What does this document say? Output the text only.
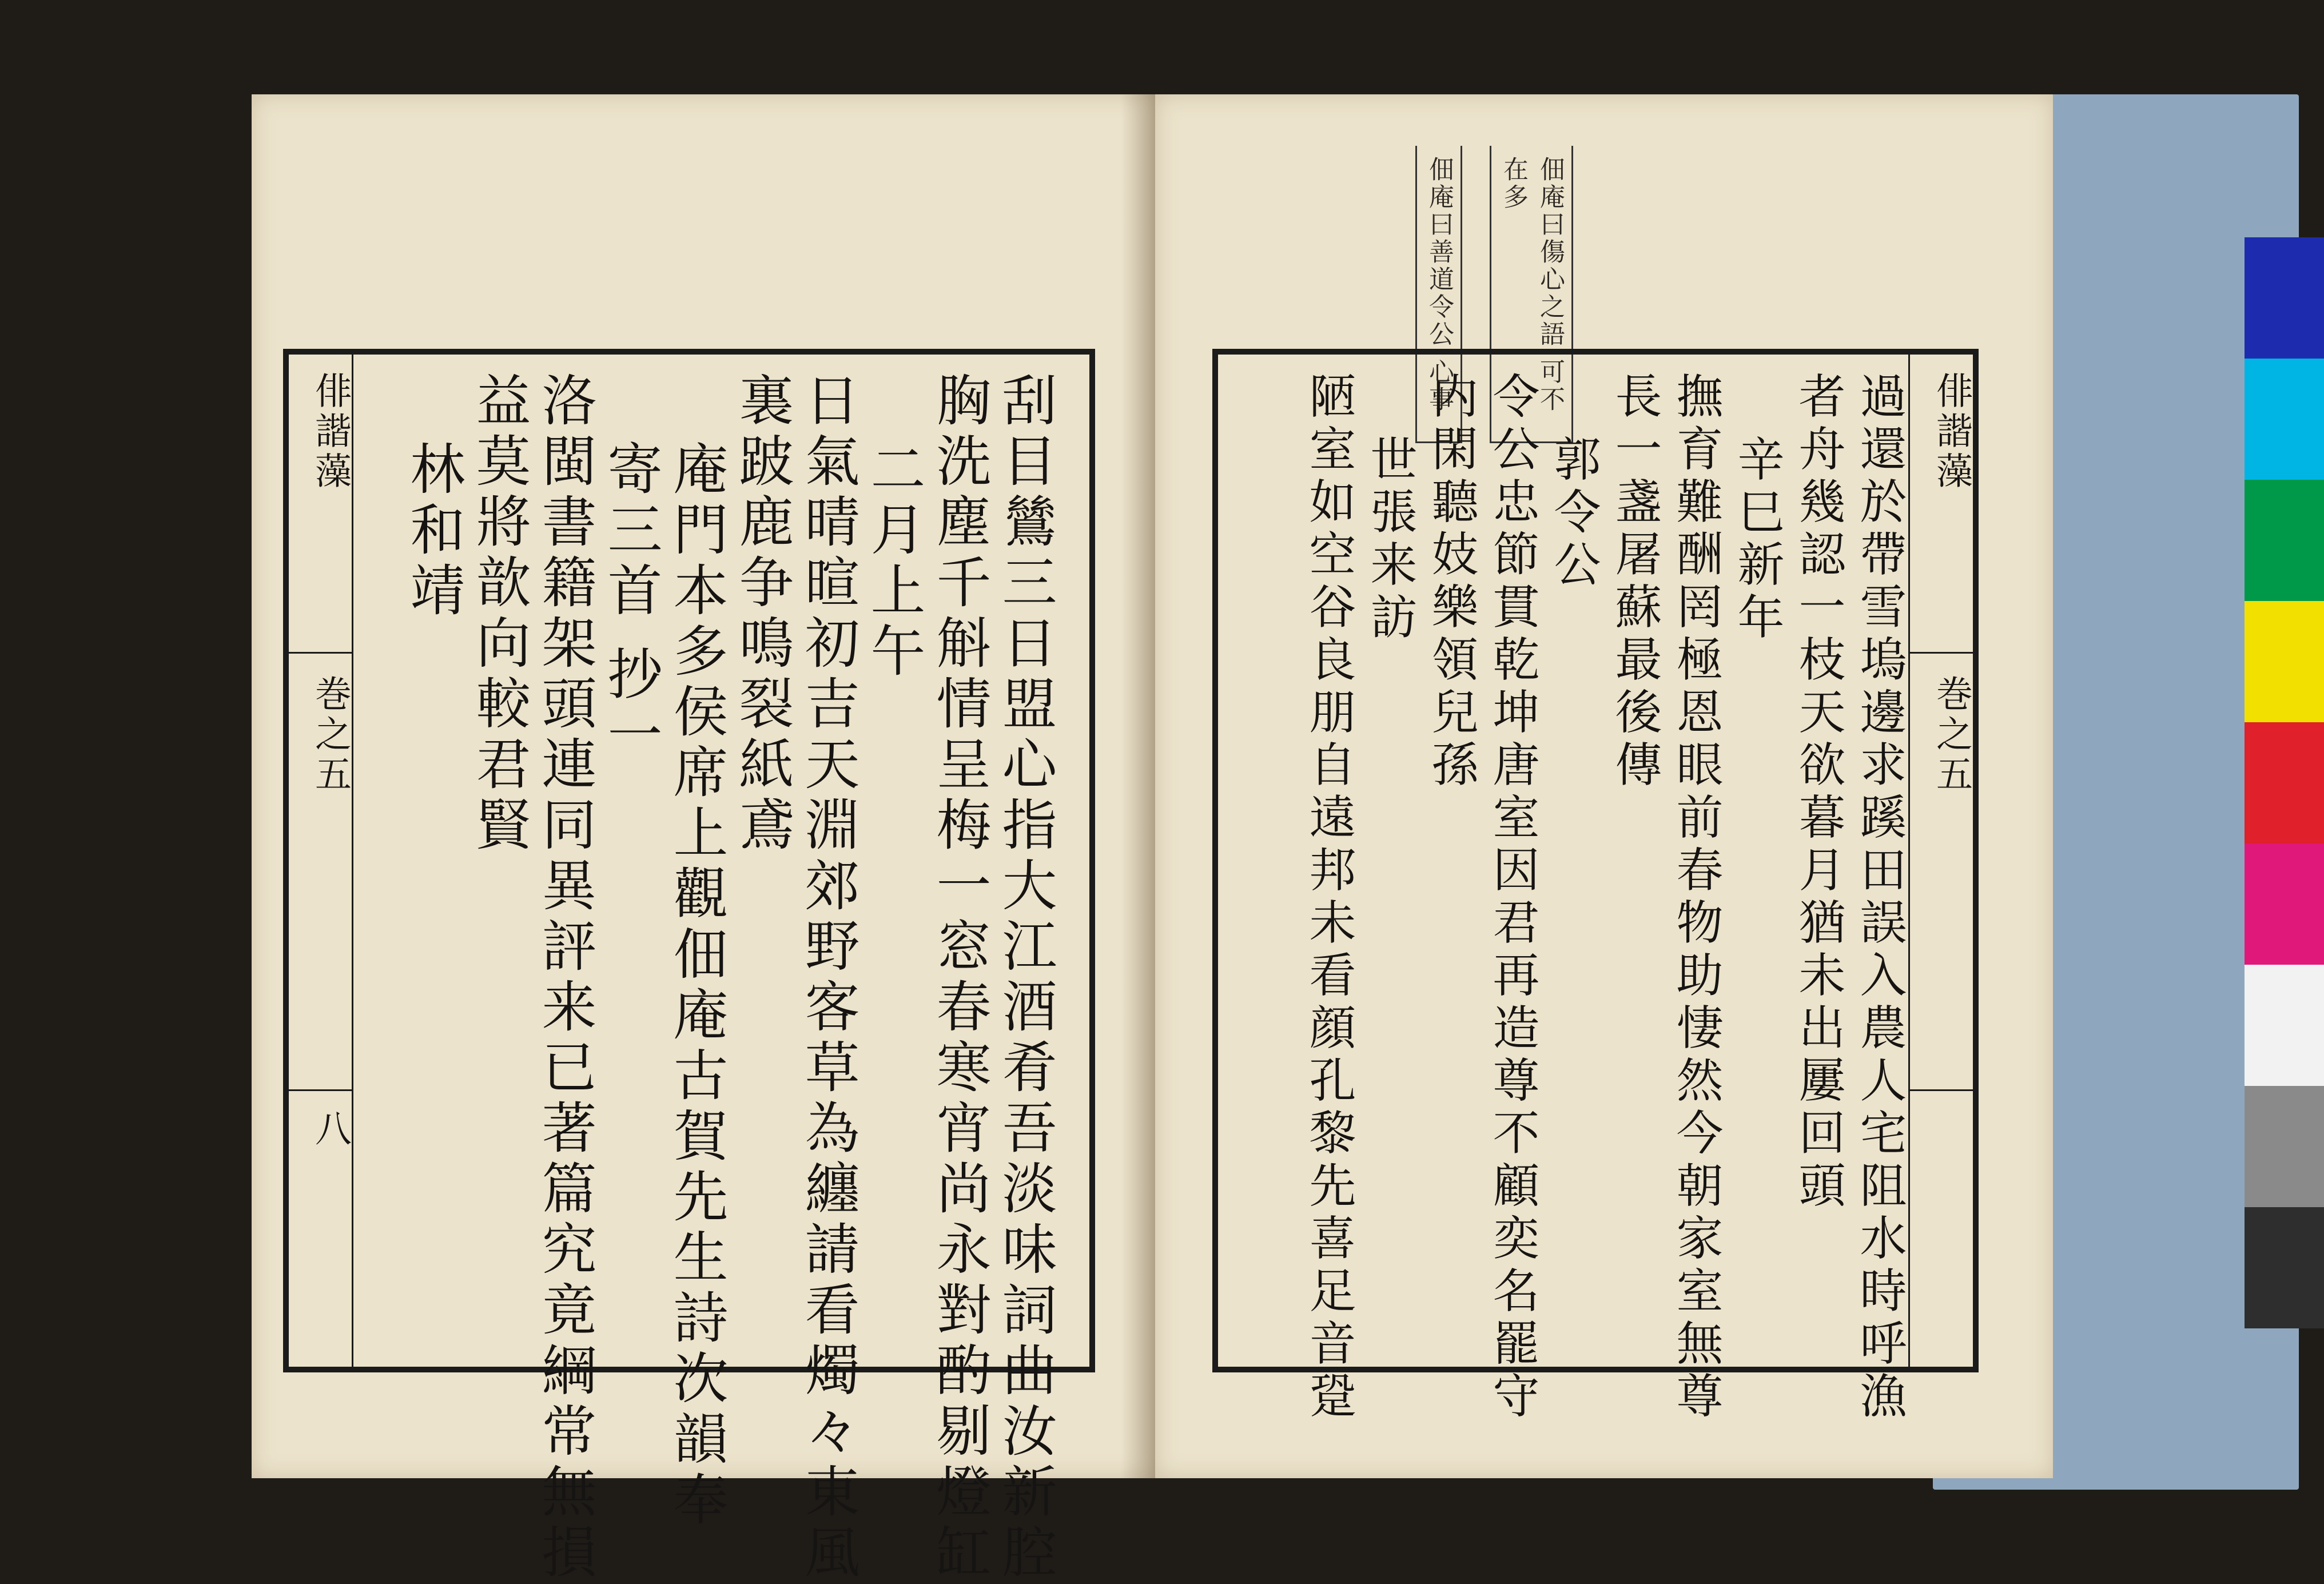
俳諧藻
巻之五
八	刮目鷥三日盟心指大江酒肴吾淡味詞曲汝新腔
胸洗塵千斛情呈梅一窓春寒宵尚永對酌剔燈缸
二月上午
日氣晴暄初吉天淵郊野客草為纏請看燭々東風
裏跛鹿争鳴裂紙鳶
庵門本多侯席上觀佃庵古賀先生詩次韻奉
寄三首 抄一
洛閩書籍架頭連同異評来已著篇究竟綱常無損
益莫將歆向較君賢
林和靖
佃庵曰傷心之語 可不在多
佃庵曰善道令公 心事
俳諧藻
巻之五
過還於帶雪塢邊求蹊田誤入農人宅阻水時呼漁
者舟幾認一枝天欲暮月猶未出屢回頭
辛巳新年
撫育難酬罔極恩眼前春物助悽然今朝家室無尊
長一盞屠蘇最後傳
郭令公
令公忠節貫乾坤唐室因君再造尊不顧奕名罷守
内閑聽妓樂領兒孫
世張来訪
陋室如空谷良朋自遠邦未看顔孔黎先喜足音跫
